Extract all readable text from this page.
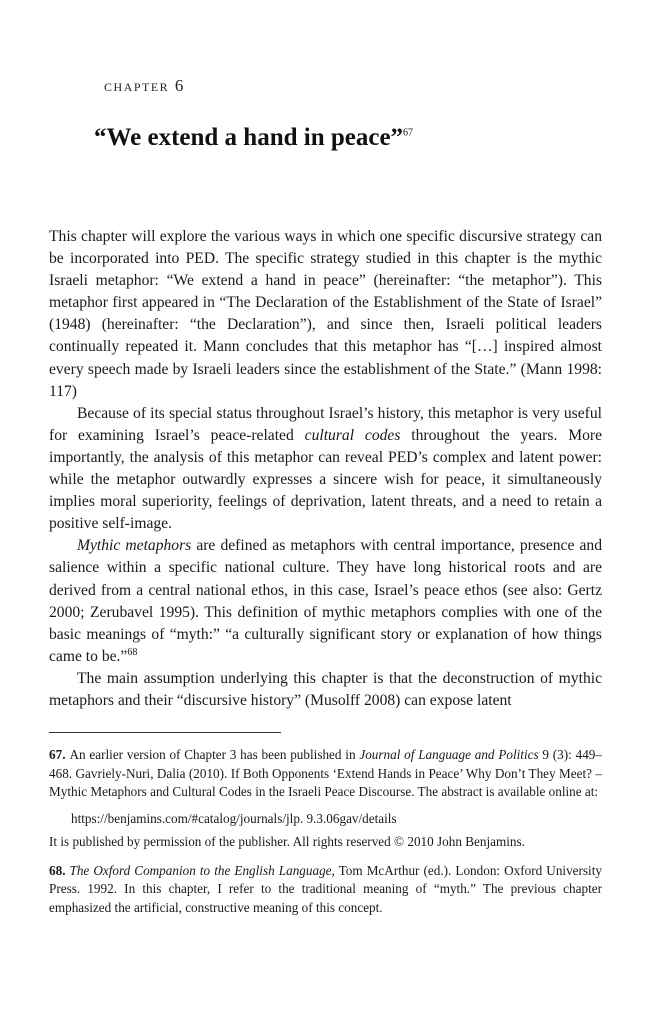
chapter 6
“We extend a hand in peace”$^{67}$

This chapter will explore the various ways in which one specific discursive strategy can be incorporated into PED. The specific strategy studied in this chapter is the mythic Israeli metaphor: “We extend a hand in peace” (hereinafter: “the metaphor”). This metaphor first appeared in “The Declaration of the Establishment of the State of Israel” (1948) (hereinafter: “the Declaration”), and since then, Israeli political leaders continually repeated it. Mann concludes that this metaphor has “[…] inspired almost every speech made by Israeli leaders since the establishment of the State.” (Mann 1998: 117)

Because of its special status throughout Israel’s history, this metaphor is very useful for examining Israel’s peace-related cultural codes throughout the years. More importantly, the analysis of this metaphor can reveal PED’s complex and latent power: while the metaphor outwardly expresses a sincere wish for peace, it simultaneously implies moral superiority, feelings of deprivation, latent threats, and a need to retain a positive self-image.

Mythic metaphors are defined as metaphors with central importance, presence and salience within a specific national culture. They have long historical roots and are derived from a central national ethos, in this case, Israel’s peace ethos (see also: Gertz 2000; Zerubavel 1995). This definition of mythic metaphors complies with one of the basic meanings of “myth:” “a culturally significant story or explanation of how things came to be.”$^{68}$

The main assumption underlying this chapter is that the deconstruction of mythic metaphors and their “discursive history” (Musolff 2008) can expose latent

67. An earlier version of Chapter 3 has been published in Journal of Language and Politics 9 (3): 449–468. Gavriely-Nuri, Dalia (2010). If Both Opponents ‘Extend Hands in Peace’ Why Don’t They Meet? – Mythic Metaphors and Cultural Codes in the Israeli Peace Discourse. The abstract is available online at:

https://benjamins.com/#catalog/journals/jlp. 9.3.06gav/details

It is published by permission of the publisher. All rights reserved © 2010 John Benjamins.

68. The Oxford Companion to the English Language, Tom McArthur (ed.). London: Oxford University Press. 1992. In this chapter, I refer to the traditional meaning of “myth.” The previous chapter emphasized the artificial, constructive meaning of this concept.
